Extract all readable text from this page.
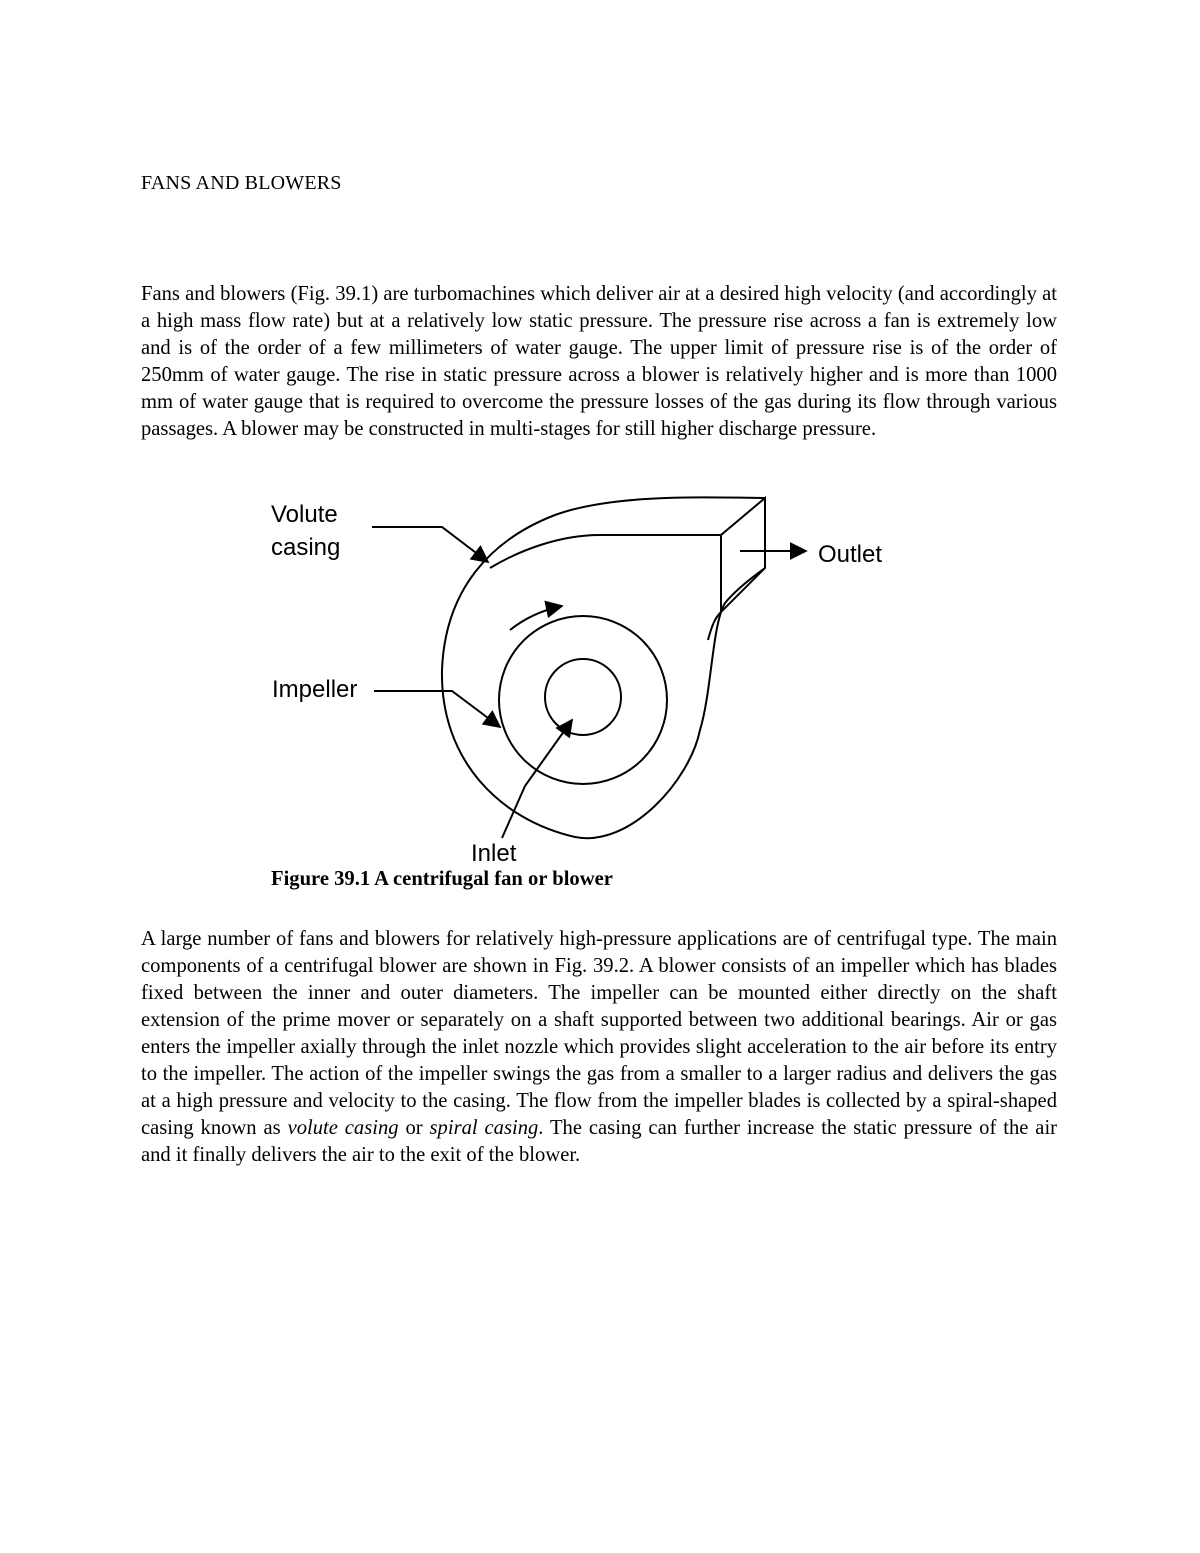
FANS AND BLOWERS

Fans and blowers (Fig. 39.1) are turbomachines which deliver air at a desired high velocity (and accordingly at a high mass flow rate) but at a relatively low static pressure. The pressure rise across a fan is extremely low and is of the order of a few millimeters of water gauge. The upper limit of pressure rise is of the order of 250mm of water gauge. The rise in static pressure across a blower is relatively higher and is more than 1000 mm of water gauge that is required to overcome the pressure losses of the gas during its flow through various passages. A blower may be constructed in multi-stages for still higher discharge pressure.

Volute
casing	Outlet
Impeller
Inlet
Figure 39.1 A centrifugal fan or blower

A large number of fans and blowers for relatively high-pressure applications are of centrifugal type. The main components of a centrifugal blower are shown in Fig. 39.2. A blower consists of an impeller which has blades fixed between the inner and outer diameters. The impeller can be mounted either directly on the shaft extension of the prime mover or separately on a shaft supported between two additional bearings. Air or gas enters the impeller axially through the inlet nozzle which provides slight acceleration to the air before its entry to the impeller. The action of the impeller swings the gas from a smaller to a larger radius and delivers the gas at a high pressure and velocity to the casing. The flow from the impeller blades is collected by a spiral-shaped casing known as volute casing or spiral casing. The casing can further increase the static pressure of the air and it finally delivers the air to the exit of the blower.
